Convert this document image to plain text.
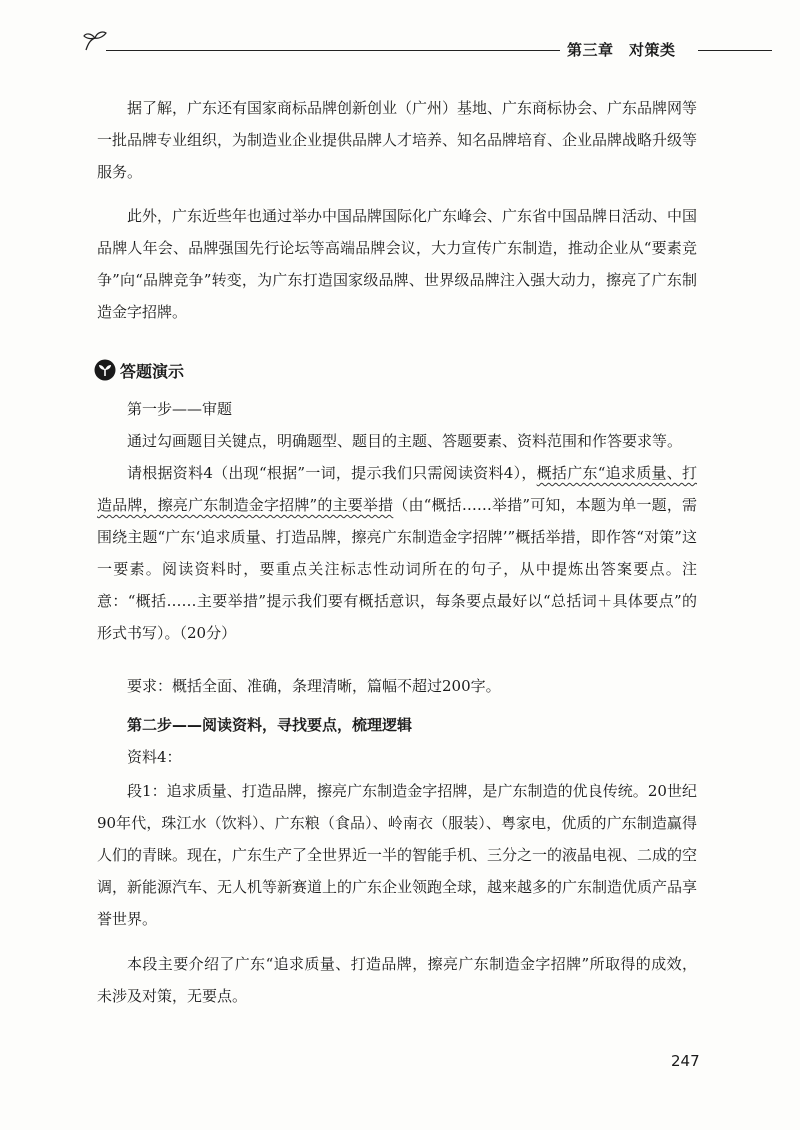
第三章　对策类

据了解，广东还有国家商标品牌创新创业（广州）基地、广东商标协会、广东品牌网等一批品牌专业组织，为制造业企业提供品牌人才培养、知名品牌培育、企业品牌战略升级等服务。

此外，广东近些年也通过举办中国品牌国际化广东峰会、广东省中国品牌日活动、中国品牌人年会、品牌强国先行论坛等高端品牌会议，大力宣传广东制造，推动企业从“要素竞争”向“品牌竞争”转变，为广东打造国家级品牌、世界级品牌注入强大动力，擦亮了广东制造金字招牌。

答题演示

第一步——审题

通过勾画题目关键点，明确题型、题目的主题、答题要素、资料范围和作答要求等。

请根据资料4（出现“根据”一词，提示我们只需阅读资料4），概括广东“追求质量、打造品牌，擦亮广东制造金字招牌”的主要举措（由“概括……举措”可知，本题为单一题，需围绕主题“广东‘追求质量、打造品牌，擦亮广东制造金字招牌’”概括举措，即作答“对策”这一要素。阅读资料时，要重点关注标志性动词所在的句子，从中提炼出答案要点。注意：“概括……主要举措”提示我们要有概括意识，每条要点最好以“总括词＋具体要点”的形式书写）。（20分）

要求：概括全面、准确，条理清晰，篇幅不超过200字。

第二步——阅读资料，寻找要点，梳理逻辑

资料4：

段1：追求质量、打造品牌，擦亮广东制造金字招牌，是广东制造的优良传统。20世纪90年代，珠江水（饮料）、广东粮（食品）、岭南衣（服装）、粤家电，优质的广东制造赢得人们的青睐。现在，广东生产了全世界近一半的智能手机、三分之一的液晶电视、二成的空调，新能源汽车、无人机等新赛道上的广东企业领跑全球，越来越多的广东制造优质产品享誉世界。

本段主要介绍了广东“追求质量、打造品牌，擦亮广东制造金字招牌”所取得的成效，未涉及对策，无要点。

247
